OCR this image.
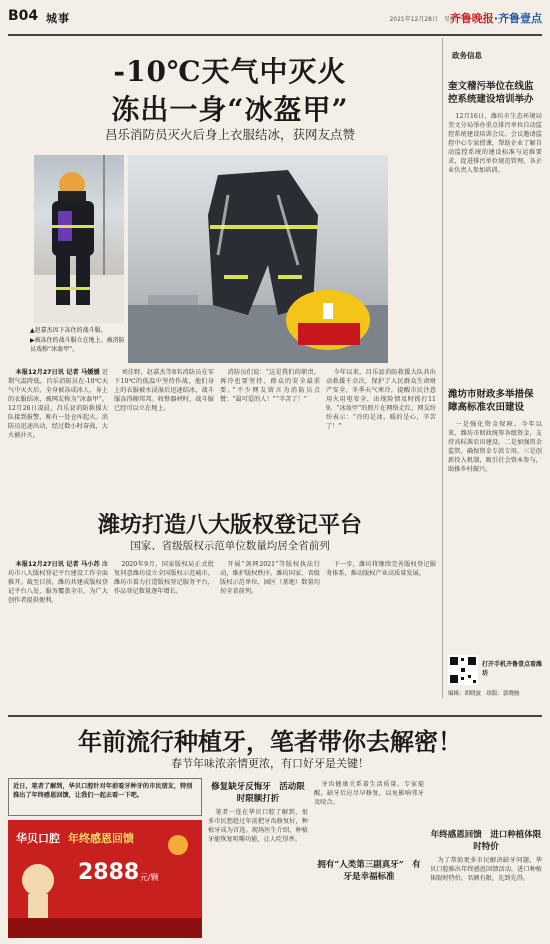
B04 城事	2021年12月28日　星期二
齐鲁晚报·齐鲁壹点
-10℃天气中灭火
冻出一身“冰盔甲”
昌乐消防员灭火后身上衣服结冰，获网友点赞
▲赵嘉杰因下冻住的战斗服。
▶被冻住的战斗服立在地上。被消防员戏称“冰盔甲”。

本报12月27日讯 记者 马媛媛 近期气温降低，昌乐消防员在-10℃天气中灭火后，全身被冻成冰人，身上的衣服结冰，被网友称为“冰盔甲”。12月26日凌晨，昌乐县消防救援大队接到报警，称有一处仓库起火。消防员迅速出动，经过数小时奋战，大火被扑灭。

刘佳野、赵嘉杰等8名消防员在零下10℃的低温中坚持作战，他们身上的衣服被水浸湿后迅速结冰，战斗服冻得硬邦邦。收整器材时，战斗服已经可以立在地上。

消防员们说：“这是我们的职责，再冷也要坚持，群众的安全最重要。”不少网友留言为消防员点赞：“最可爱的人！”“辛苦了！”

今年以来，昌乐县消防救援大队共出动救援千余次，保护了人民群众生命财产安全。冬季天气寒冷，提醒市民注意用火用电安全，出现险情及时拨打119。“冰盔甲”的照片在网络走红，网友纷纷表示：“冷的是冰，暖的是心，辛苦了！”

政务信息
奎文稽污举位在线监控系统建设培训举办

12月16日，潍坊市生态环境局奎文分局举办重点排污单位自动监控系统建设培训会议。会议邀请监控中心专家授课，帮助企业了解自动监控系统的建设标准与运维要求，促进排污单位规范管理。各企业负责人参加培训。

潍坊市财政多举措保障高标准农田建设

一是强化资金保障。今年以来，潍坊市财政统筹各级资金，支持高标准农田建设。二是加强资金监管，确保资金专款专用。三是创新投入机制，吸引社会资本参与，助推乡村振兴。

打开手机齐鲁壹点看潍坊
编辑：胡晓波　组版：郭晓骏
潍坊打造八大版权登记平台
国家、省级版权示范单位数量均居全省前列

本报12月27日讯 记者 马小苏 潍坊市八大版权登记平台建设工作全面推开。截至目前，潍坊共建成版权登记平台八处，服务覆盖全市，为广大创作者提供便利。

2020年9月，国家版权局正式批复同意潍坊设立全国版权示范城市。潍坊市着力打造版权登记服务平台，作品登记数量逐年增长。

开展“剑网2021”等版权执法行动，维护版权秩序。潍坊国家、省级版权示范单位、园区（基地）数量均居全省前列。

下一步，潍坊将继续完善版权登记服务体系，推动版权产业高质量发展。

年前流行种植牙，笔者带你去解密！
春节年味浓亲情更浓，有口好牙是关键！
近日，笔者了解到，华贝口腔针对年前看牙种牙的市民朋友，特别推出了年终感恩回馈，让我们一起去看一下吧。
华贝口腔 年终感恩回馈
2888 元/颗
修复缺牙反悔牙　活动限时限额打折

笔者一连在华贝口腔了解到，很多市民想趁过年前把牙齿修复好，种植牙成为首选。现场医生介绍，种植牙能恢复咀嚼功能，让人吃得香。

牙齿健康关系着生活质量。专家提醒，缺牙后应尽早修复，以免影响邻牙及咬合。

拥有“人类第三副真牙”　有牙是幸福标准
年终感恩回馈　进口种植体限时特价

为了帮助更多市民解决缺牙问题，华贝口腔推出年终感恩回馈活动，进口种植体限时特价，名额有限，先到先得。
